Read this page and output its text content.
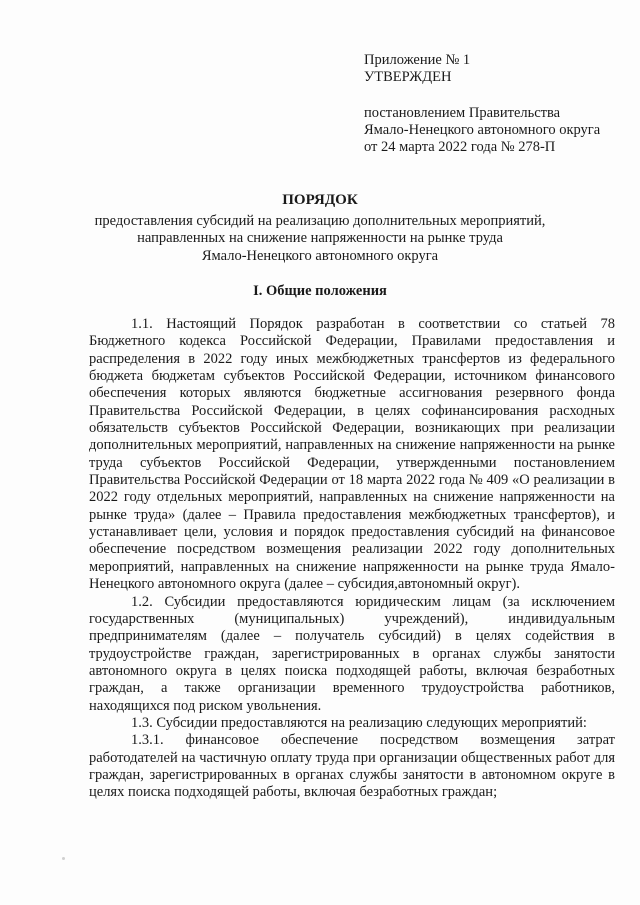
Приложение № 1
УТВЕРЖДЕН
постановлением Правительства
Ямало-Ненецкого автономного округа
от 24 марта 2022 года № 278-П
ПОРЯДОК
предоставления субсидий на реализацию дополнительных мероприятий,
направленных на снижение напряженности на рынке труда
Ямало-Ненецкого автономного округа
I. Общие положения

1.1. Настоящий Порядок разработан в соответствии со статьей 78 Бюджетного кодекса Российской Федерации, Правилами предоставления и распределения в 2022 году иных межбюджетных трансфертов из федерального бюджета бюджетам субъектов Российской Федерации, источником финансового обеспечения которых являются бюджетные ассигнования резервного фонда Правительства Российской Федерации, в целях софинансирования расходных обязательств субъектов Российской Федерации, возникающих при реализации дополнительных мероприятий, направленных на снижение напряженности на рынке труда субъектов Российской Федерации, утвержденными постановлением Правительства Российской Федерации от 18 марта 2022 года № 409 «О реализации в 2022 году отдельных мероприятий, направленных на снижение напряженности на рынке труда» (далее – Правила предоставления межбюджетных трансфертов), и устанавливает цели, условия и порядок предоставления субсидий на финансовое обеспечение посредством возмещения реализации 2022 году дополнительных мероприятий, направленных на снижение напряженности на рынке труда Ямало-Ненецкого автономного округа (далее – субсидия,автономный округ).

1.2. Субсидии предоставляются юридическим лицам (за исключением государственных (муниципальных) учреждений), индивидуальным предпринимателям (далее – получатель субсидий) в целях содействия в трудоустройстве граждан, зарегистрированных в органах службы занятости автономного округа в целях поиска подходящей работы, включая безработных граждан, а также организации временного трудоустройства работников, находящихся под риском увольнения.

1.3. Субсидии предоставляются на реализацию следующих мероприятий:

1.3.1. финансовое обеспечение посредством возмещения затрат работодателей на частичную оплату труда при организации общественных работ для граждан, зарегистрированных в органах службы занятости в автономном округе в целях поиска подходящей работы, включая безработных граждан;
